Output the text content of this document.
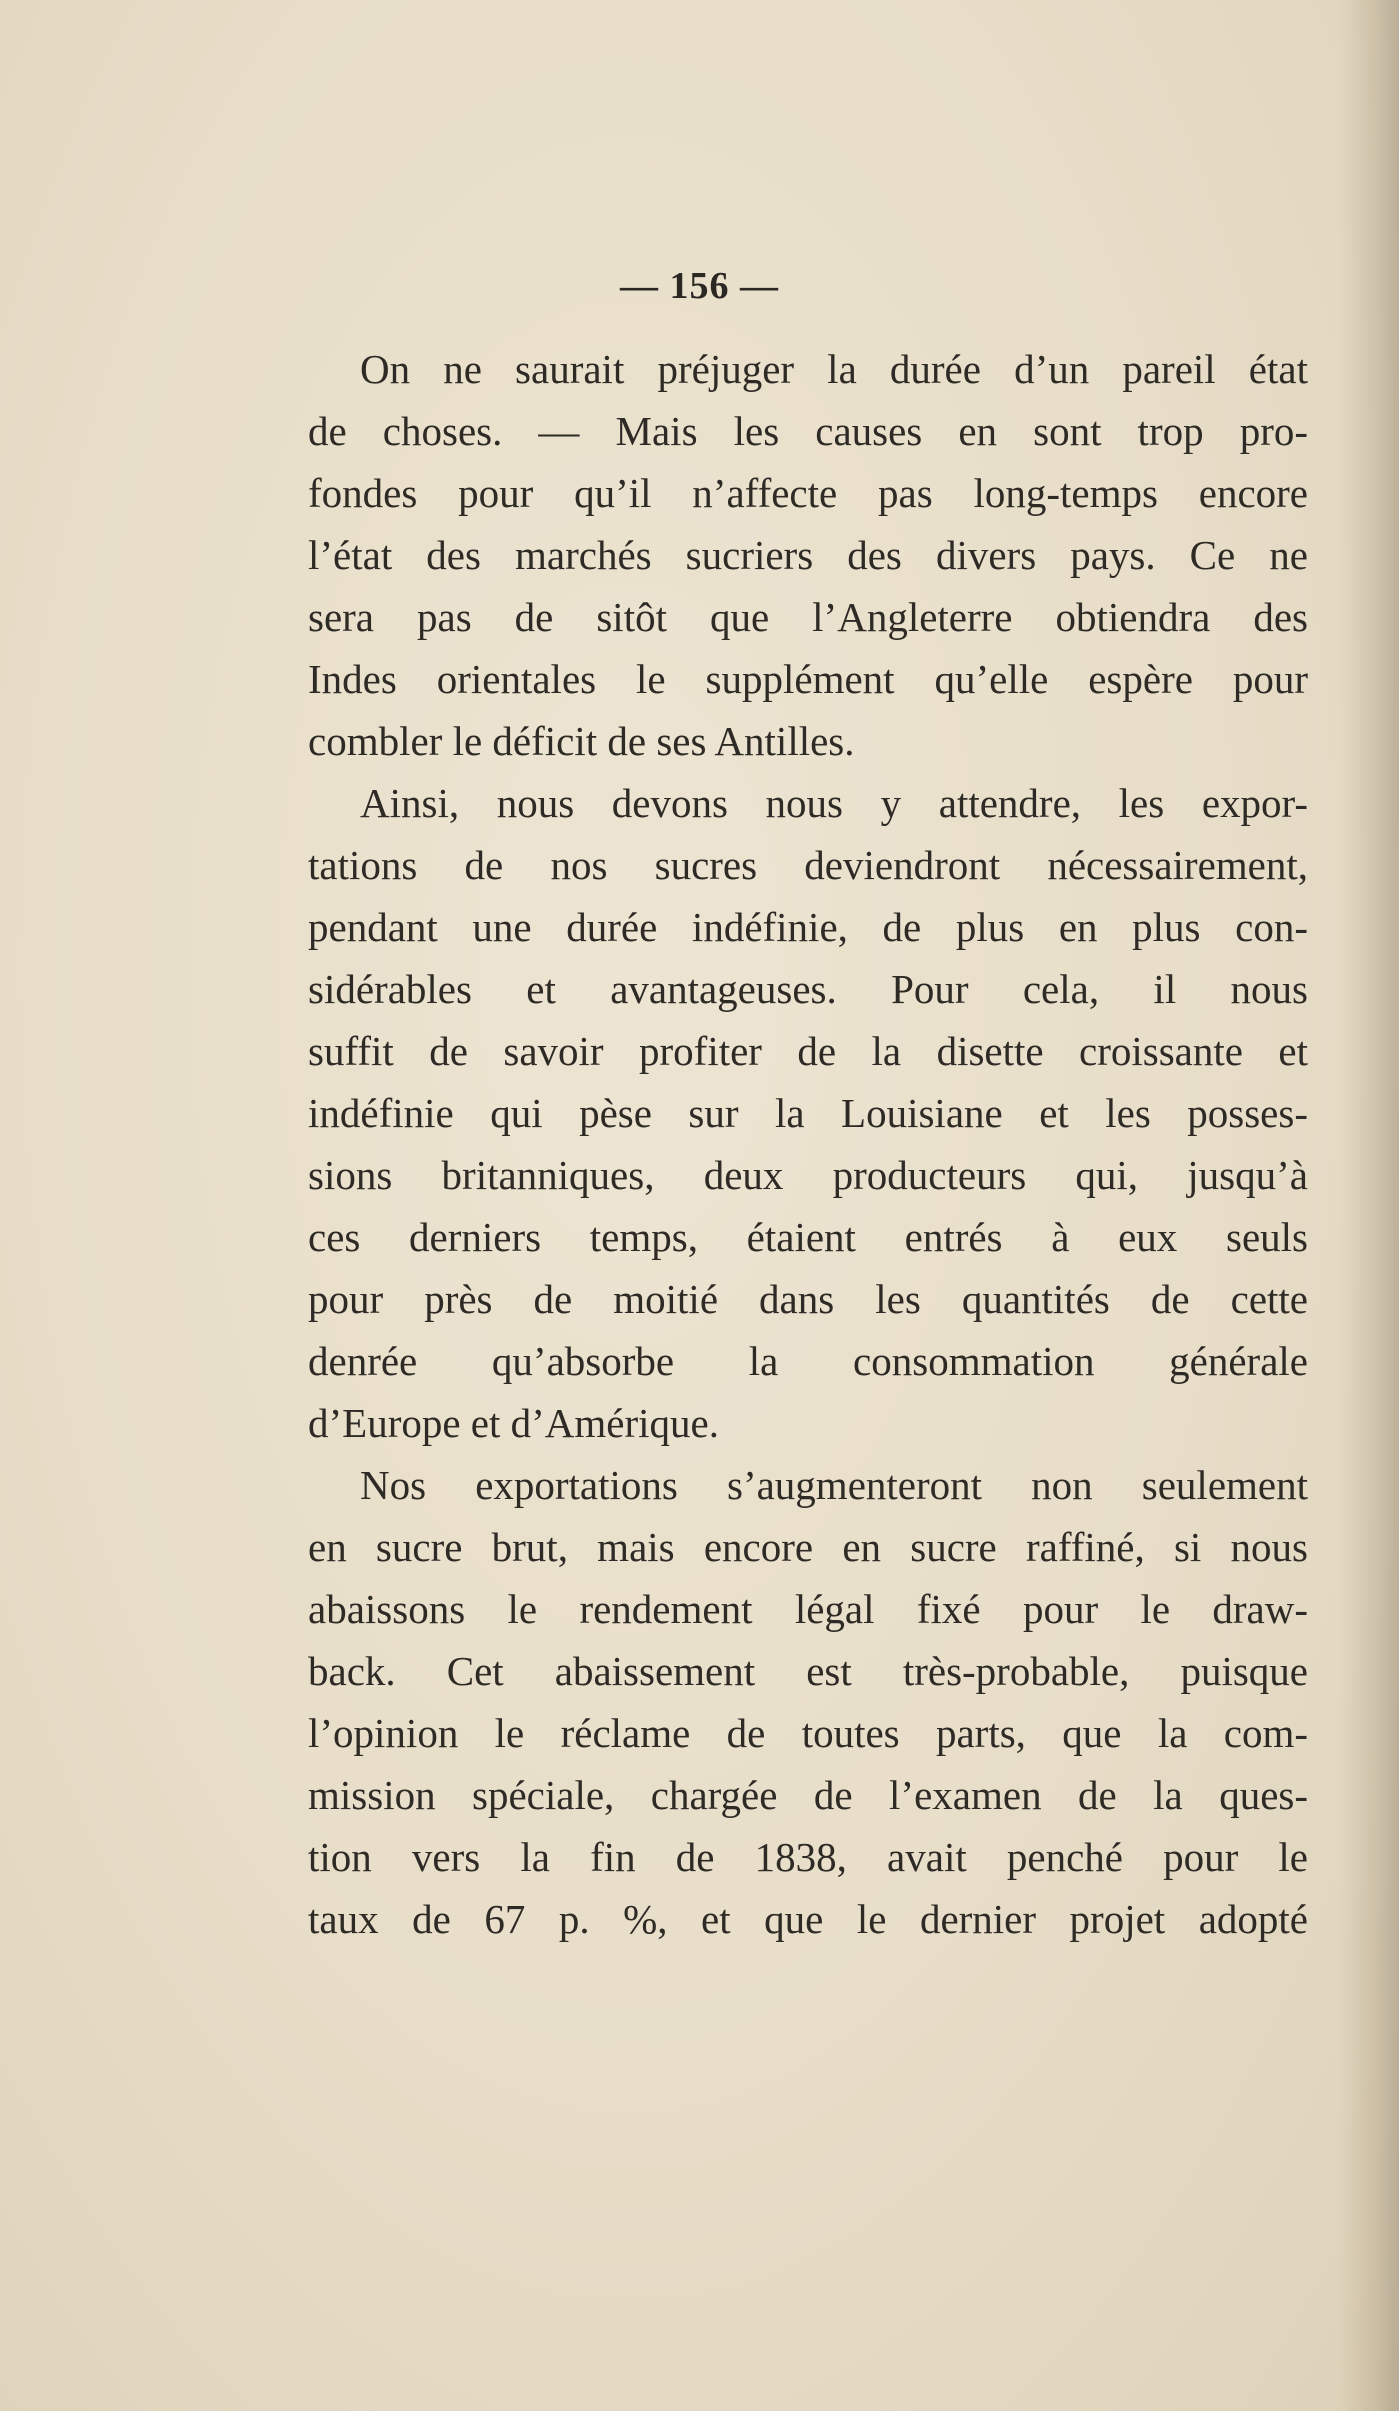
— 156 —
On ne saurait préjuger la durée d’un pareil état
de choses. — Mais les causes en sont trop pro-
fondes pour qu’il n’affecte pas long-temps encore
l’état des marchés sucriers des divers pays. Ce ne
sera pas de sitôt que l’Angleterre obtiendra des
Indes orientales le supplément qu’elle espère pour
combler le déficit de ses Antilles.
Ainsi, nous devons nous y attendre, les expor-
tations de nos sucres deviendront nécessairement,
pendant une durée indéfinie, de plus en plus con-
sidérables et avantageuses. Pour cela, il nous
suffit de savoir profiter de la disette croissante et
indéfinie qui pèse sur la Louisiane et les posses-
sions britanniques, deux producteurs qui, jusqu’à
ces derniers temps, étaient entrés à eux seuls
pour près de moitié dans les quantités de cette
denrée qu’absorbe la consommation générale
d’Europe et d’Amérique.
Nos exportations s’augmenteront non seulement
en sucre brut, mais encore en sucre raffiné, si nous
abaissons le rendement légal fixé pour le draw-
back. Cet abaissement est très-probable, puisque
l’opinion le réclame de toutes parts, que la com-
mission spéciale, chargée de l’examen de la ques-
tion vers la fin de 1838, avait penché pour le
taux de 67 p. %, et que le dernier projet adopté
